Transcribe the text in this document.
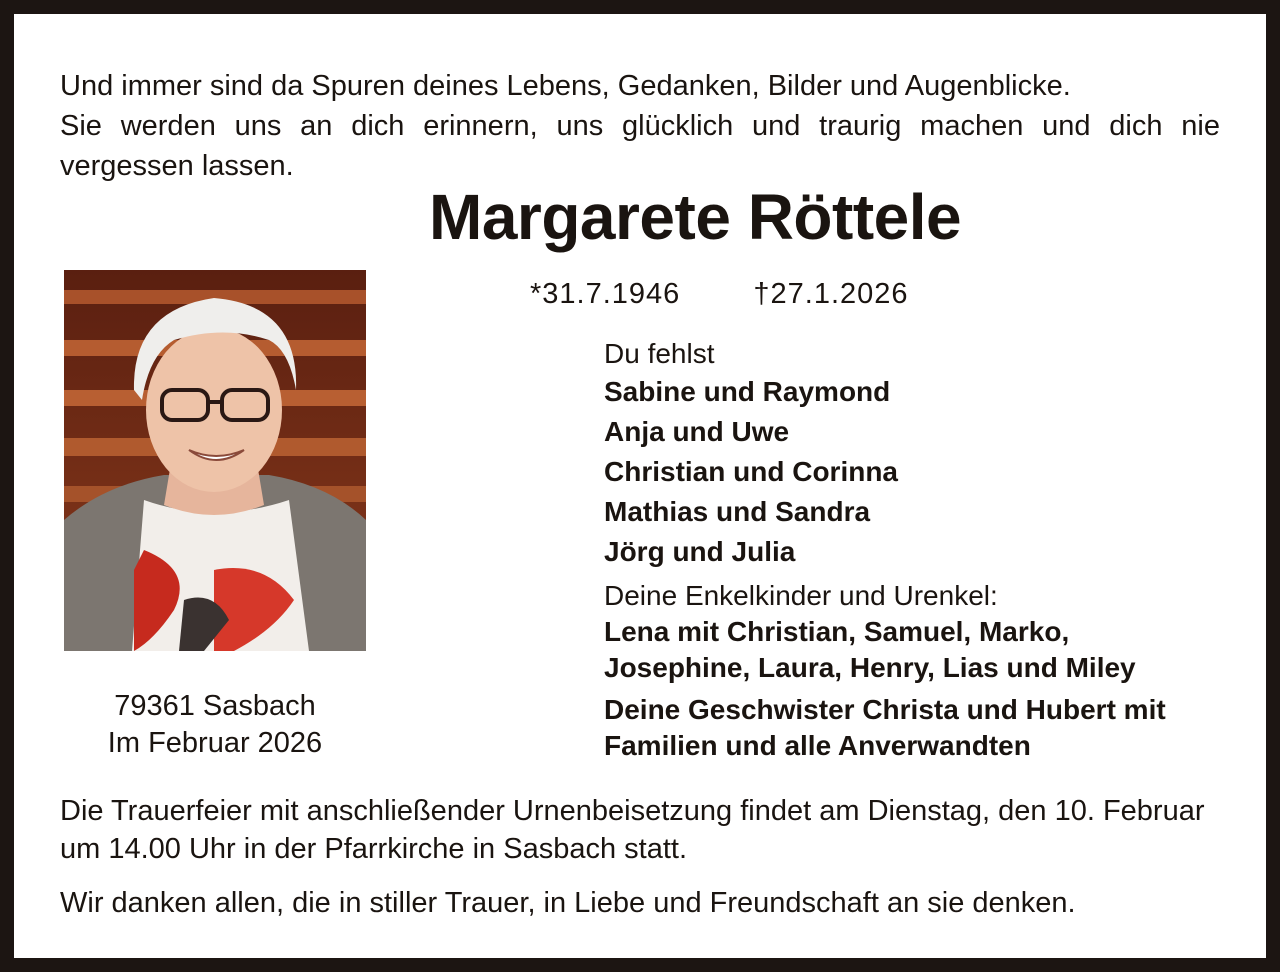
Und immer sind da Spuren deines Lebens, Gedanken, Bilder und Augenblicke.
Sie werden uns an dich erinnern, uns glücklich und traurig machen und dich nie
vergessen lassen.
Margarete Röttele
*31.7.1946	†27.1.2026
79361 Sasbach
Im Februar 2026
Du fehlst
Sabine und Raymond
Anja und Uwe
Christian und Corinna
Mathias und Sandra
Jörg und Julia
Deine Enkelkinder und Urenkel:
Lena mit Christian, Samuel, Marko,
Josephine, Laura, Henry, Lias und Miley
Deine Geschwister Christa und Hubert mit
Familien und alle Anverwandten
Die Trauerfeier mit anschließender Urnenbeisetzung findet am Dienstag, den 10. Februar
um 14.00 Uhr in der Pfarrkirche in Sasbach statt.
Wir danken allen, die in stiller Trauer, in Liebe und Freundschaft an sie denken.
